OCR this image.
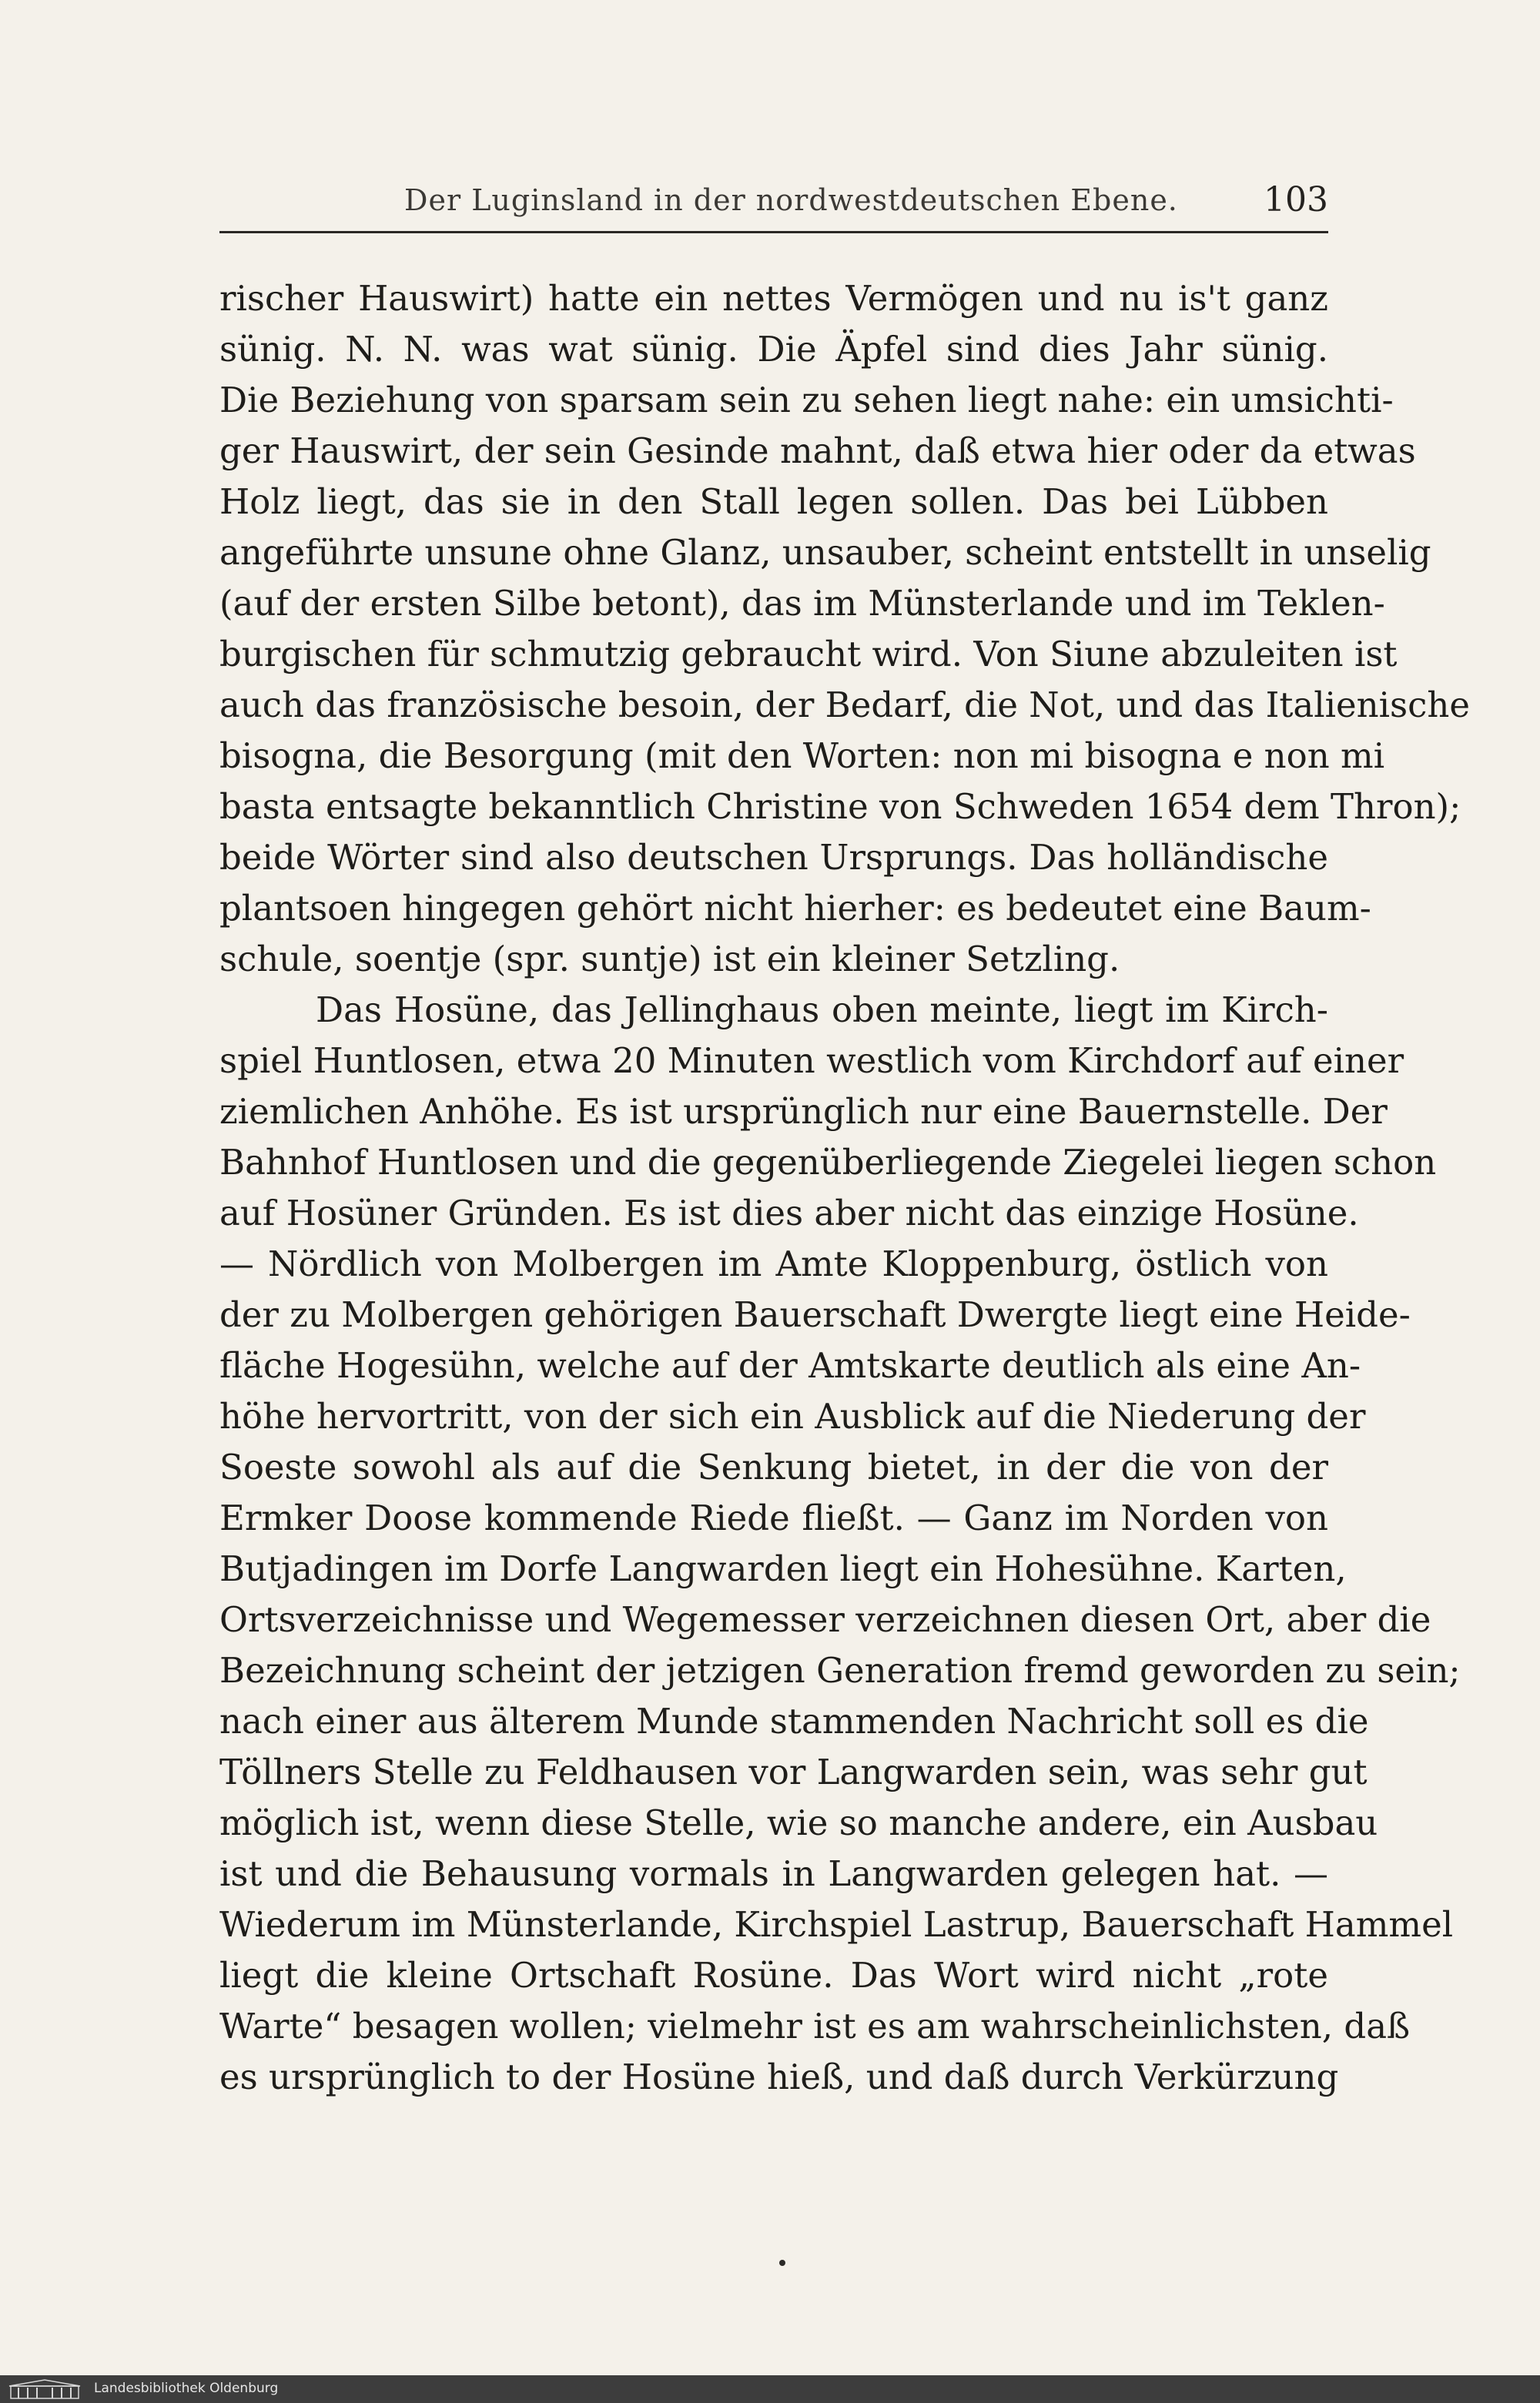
Der Luginsland in der nordwestdeutschen Ebene.	103
rischer Hauswirt) hatte ein nettes Vermögen und nu is't ganz
sünig. N. N. was wat sünig. Die Äpfel sind dies Jahr sünig.
Die Beziehung von sparsam sein zu sehen liegt nahe: ein umsichti-
ger Hauswirt, der sein Gesinde mahnt, daß etwa hier oder da etwas
Holz liegt, das sie in den Stall legen sollen. Das bei Lübben
angeführte unsune ohne Glanz, unsauber, scheint entstellt in unselig
(auf der ersten Silbe betont), das im Münsterlande und im Teklen-
burgischen für schmutzig gebraucht wird. Von Siune abzuleiten ist
auch das französische besoin, der Bedarf, die Not, und das Italienische
bisogna, die Besorgung (mit den Worten: non mi bisogna e non mi
basta entsagte bekanntlich Christine von Schweden 1654 dem Thron);
beide Wörter sind also deutschen Ursprungs. Das holländische
plantsoen hingegen gehört nicht hierher: es bedeutet eine Baum-
schule, soentje (spr. suntje) ist ein kleiner Setzling.
Das Hosüne, das Jellinghaus oben meinte, liegt im Kirch-
spiel Huntlosen, etwa 20 Minuten westlich vom Kirchdorf auf einer
ziemlichen Anhöhe. Es ist ursprünglich nur eine Bauernstelle. Der
Bahnhof Huntlosen und die gegenüberliegende Ziegelei liegen schon
auf Hosüner Gründen. Es ist dies aber nicht das einzige Hosüne.
— Nördlich von Molbergen im Amte Kloppenburg, östlich von
der zu Molbergen gehörigen Bauerschaft Dwergte liegt eine Heide-
fläche Hogesühn, welche auf der Amtskarte deutlich als eine An-
höhe hervortritt, von der sich ein Ausblick auf die Niederung der
Soeste sowohl als auf die Senkung bietet, in der die von der
Ermker Doose kommende Riede fließt. — Ganz im Norden von
Butjadingen im Dorfe Langwarden liegt ein Hohesühne. Karten,
Ortsverzeichnisse und Wegemesser verzeichnen diesen Ort, aber die
Bezeichnung scheint der jetzigen Generation fremd geworden zu sein;
nach einer aus älterem Munde stammenden Nachricht soll es die
Töllners Stelle zu Feldhausen vor Langwarden sein, was sehr gut
möglich ist, wenn diese Stelle, wie so manche andere, ein Ausbau
ist und die Behausung vormals in Langwarden gelegen hat. —
Wiederum im Münsterlande, Kirchspiel Lastrup, Bauerschaft Hammel
liegt die kleine Ortschaft Rosüne. Das Wort wird nicht „rote
Warte“ besagen wollen; vielmehr ist es am wahrscheinlichsten, daß
es ursprünglich to der Hosüne hieß, und daß durch Verkürzung
Landesbibliothek Oldenburg
